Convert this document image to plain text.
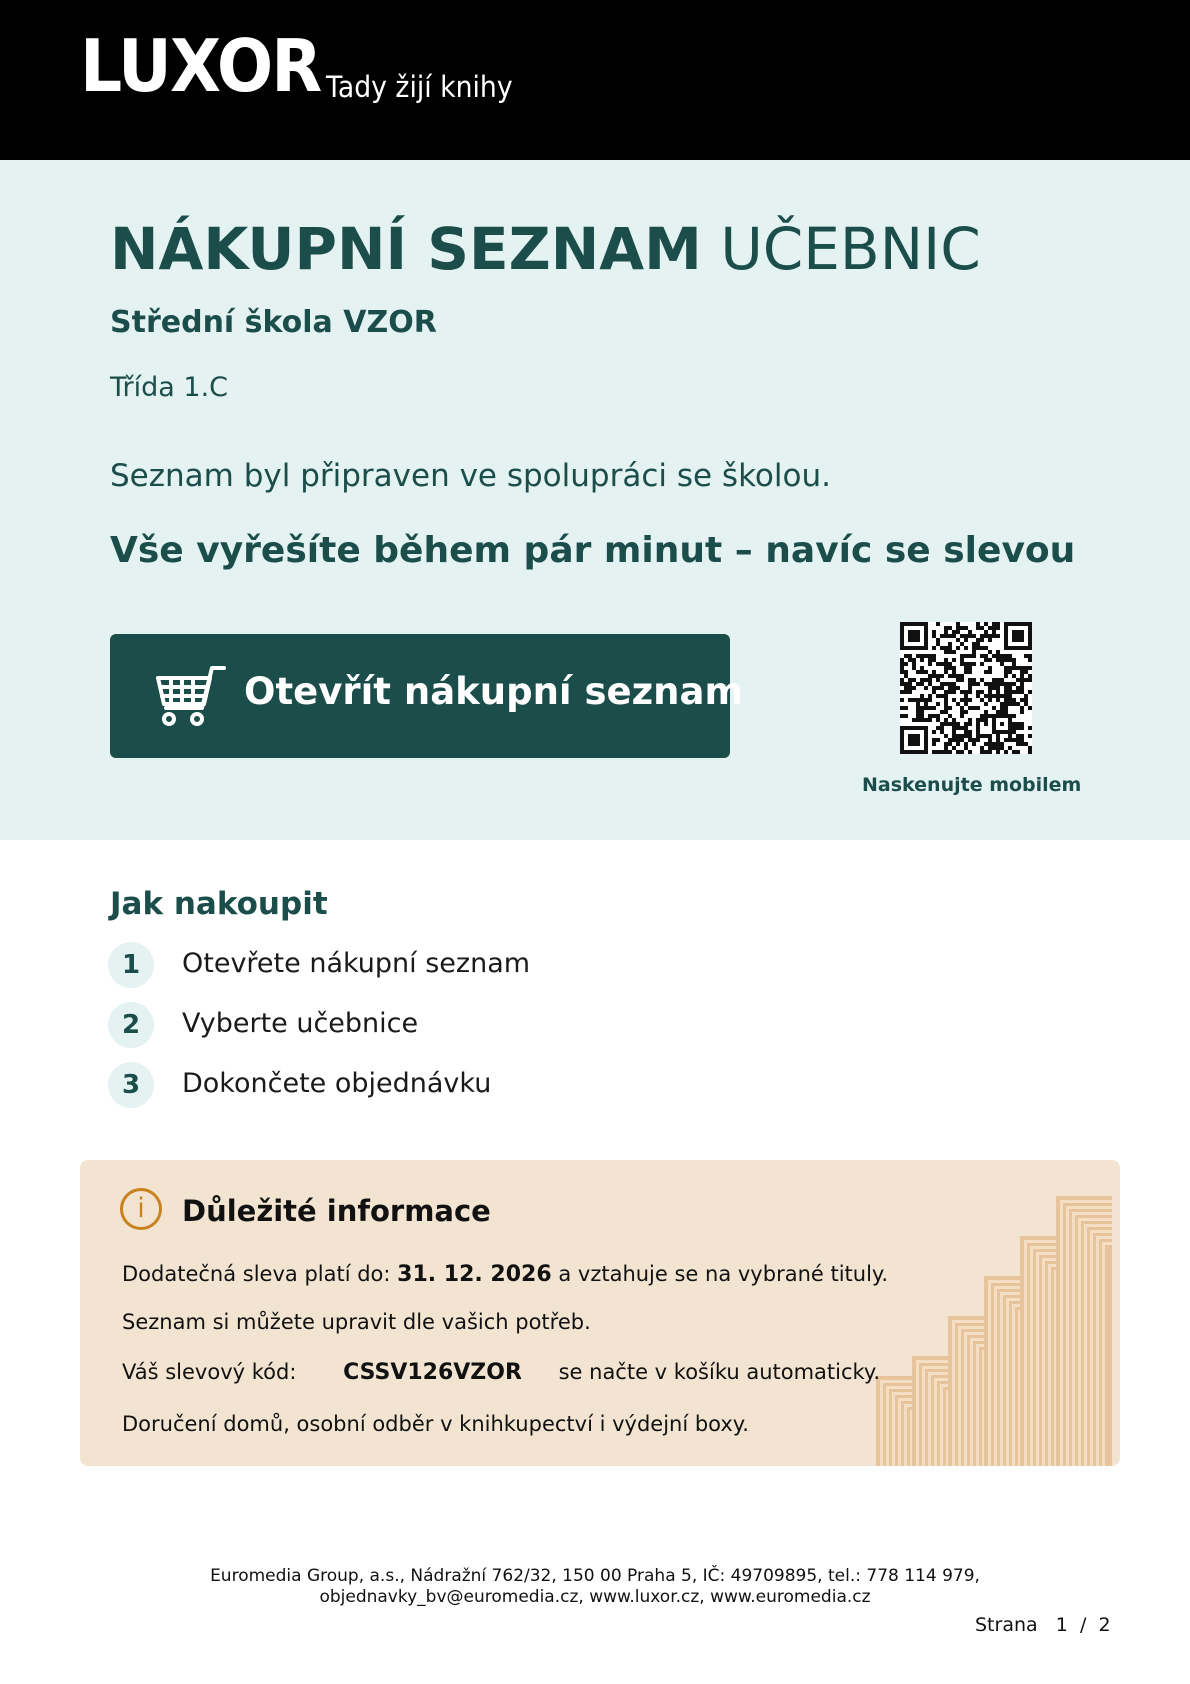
LUXOR Tady žijí knihy
NÁKUPNÍ SEZNAM UČEBNIC
Střední škola VZOR
Třída 1.C
Seznam byl připraven ve spolupráci se školou.
Vše vyřešíte během pár minut – navíc se slevou
Otevřít nákupní seznam
Naskenujte mobilem
Jak nakoupit
1	Otevřete nákupní seznam
2	Vyberte učebnice
3	Dokončete objednávku
i	Důležité informace
Dodatečná sleva platí do: 31. 12. 2026 a vztahuje se na vybrané tituly.
Seznam si můžete upravit dle vašich potřeb.
Váš slevový kód: CSSV126VZOR se načte v košíku automaticky.
Doručení domů, osobní odběr v knihkupectví i výdejní boxy.
Euromedia Group, a.s., Nádražní 762/32, 150 00 Praha 5, IČ: 49709895, tel.: 778 114 979,
objednavky_bv@euromedia.cz, www.luxor.cz, www.euromedia.cz
Strana 1 / 2
